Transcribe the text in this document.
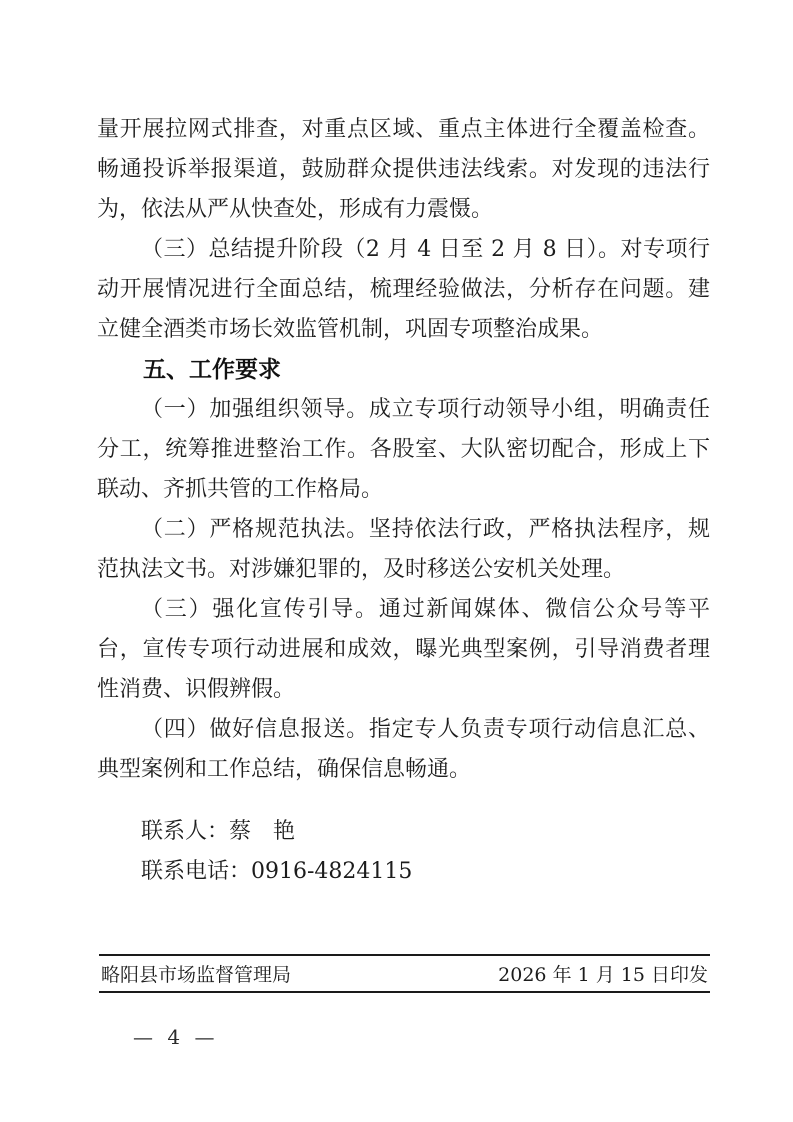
量开展拉网式排查，对重点区域、重点主体进行全覆盖检查。畅通投诉举报渠道，鼓励群众提供违法线索。对发现的违法行为，依法从严从快查处，形成有力震慑。

（三）总结提升阶段（2 月 4 日至 2 月 8 日）。对专项行动开展情况进行全面总结，梳理经验做法，分析存在问题。建立健全酒类市场长效监管机制，巩固专项整治成果。

五、工作要求

（一）加强组织领导。成立专项行动领导小组，明确责任分工，统筹推进整治工作。各股室、大队密切配合，形成上下联动、齐抓共管的工作格局。

（二）严格规范执法。坚持依法行政，严格执法程序，规范执法文书。对涉嫌犯罪的，及时移送公安机关处理。

（三）强化宣传引导。通过新闻媒体、微信公众号等平台，宣传专项行动进展和成效，曝光典型案例，引导消费者理性消费、识假辨假。

（四）做好信息报送。指定专人负责专项行动信息汇总、典型案例和工作总结，确保信息畅通。

联系人：蔡　艳

联系电话：0916-4824115

略阳县市场监督管理局	2026 年 1 月 15 日印发
— 4 —
